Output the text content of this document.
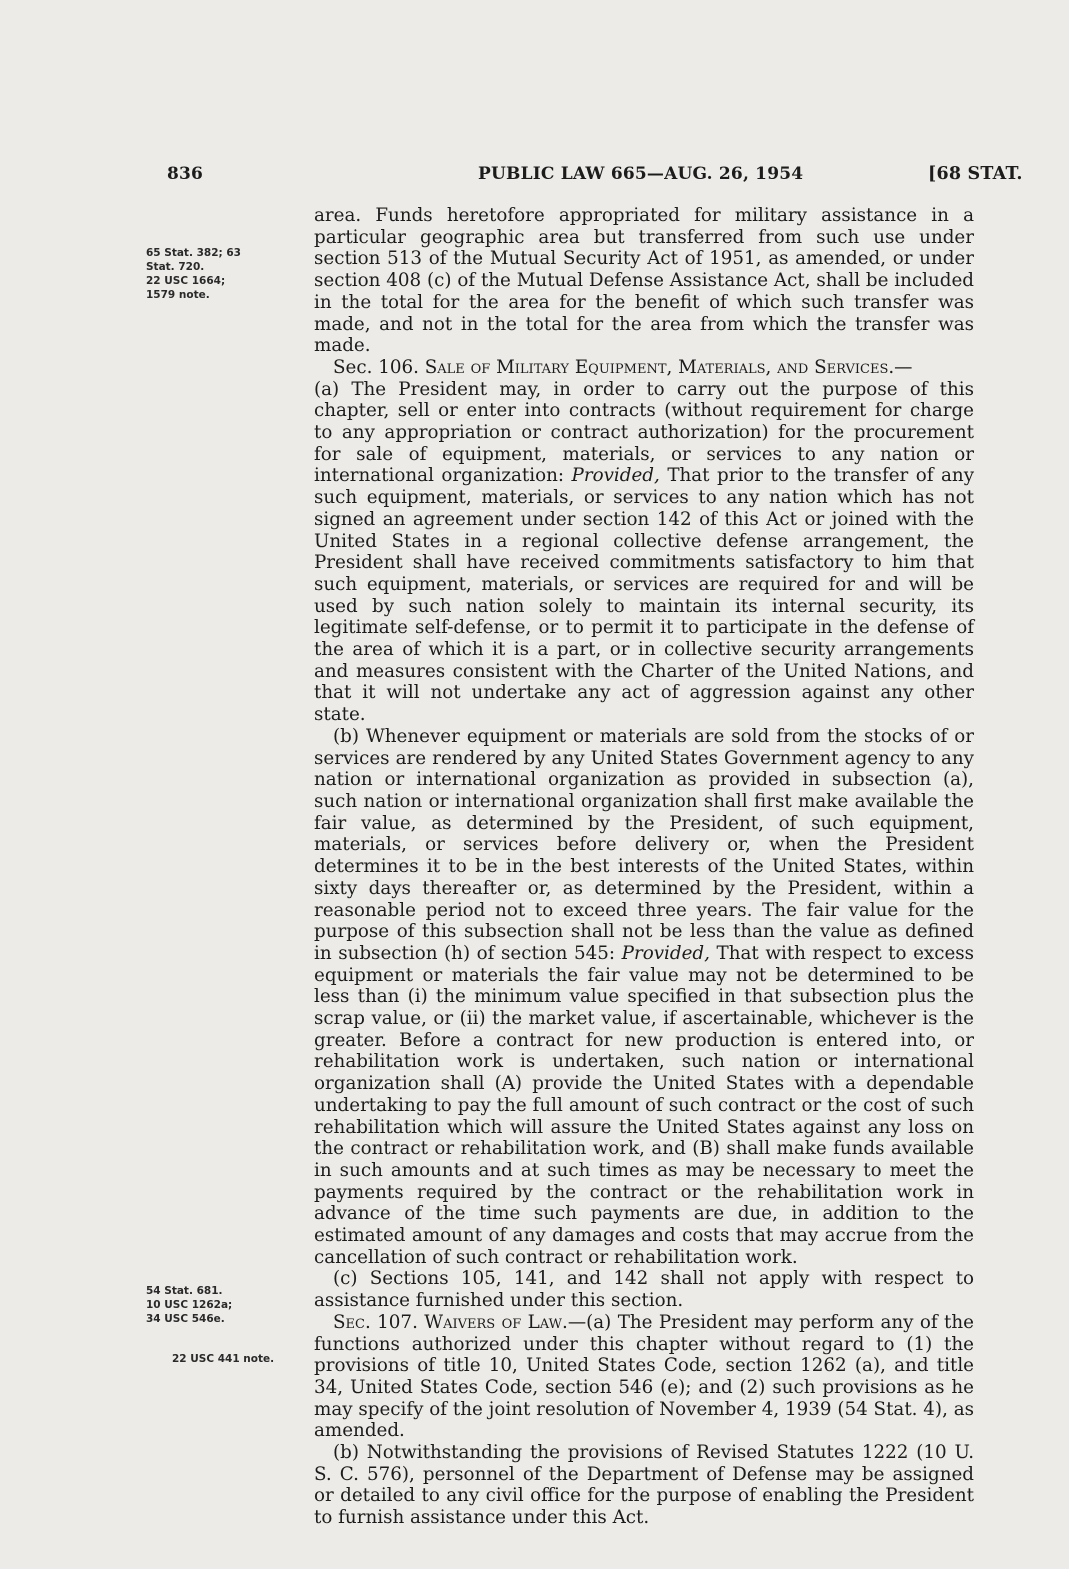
836	PUBLIC LAW 665—AUG. 26, 1954	[68 STAT.
65 Stat. 382; 63
Stat. 720.
22 USC 1664;
1579 note.
54 Stat. 681.
10 USC 1262a;
34 USC 546e.
22 USC 441 note.

area. Funds heretofore appropriated for military assistance in a particular geographic area but transferred from such use under section 513 of the Mutual Security Act of 1951, as amended, or under section 408 (c) of the Mutual Defense Assistance Act, shall be included in the total for the area for the benefit of which such transfer was made, and not in the total for the area from which the transfer was made.

Sec. 106. Sale of Military Equipment, Materials, and Services.—

(a) The President may, in order to carry out the purpose of this chapter, sell or enter into contracts (without requirement for charge to any appropriation or contract authorization) for the procurement for sale of equipment, materials, or services to any nation or international organization: Provided, That prior to the transfer of any such equipment, materials, or services to any nation which has not signed an agreement under section 142 of this Act or joined with the United States in a regional collective defense arrangement, the President shall have received commitments satisfactory to him that such equipment, materials, or services are required for and will be used by such nation solely to maintain its internal security, its legitimate self-defense, or to permit it to participate in the defense of the area of which it is a part, or in collective security arrangements and measures consistent with the Charter of the United Nations, and that it will not undertake any act of aggression against any other state.

(b) Whenever equipment or materials are sold from the stocks of or services are rendered by any United States Government agency to any nation or international organization as provided in subsection (a), such nation or international organization shall first make available the fair value, as determined by the President, of such equipment, materials, or services before delivery or, when the President determines it to be in the best interests of the United States, within sixty days thereafter or, as determined by the President, within a reasonable period not to exceed three years. The fair value for the purpose of this subsection shall not be less than the value as defined in subsection (h) of section 545: Provided, That with respect to excess equipment or materials the fair value may not be determined to be less than (i) the minimum value specified in that subsection plus the scrap value, or (ii) the market value, if ascertainable, whichever is the greater. Before a contract for new production is entered into, or rehabilitation work is undertaken, such nation or international organization shall (A) provide the United States with a dependable undertaking to pay the full amount of such contract or the cost of such rehabilitation which will assure the United States against any loss on the contract or rehabilitation work, and (B) shall make funds available in such amounts and at such times as may be necessary to meet the payments required by the contract or the rehabilitation work in advance of the time such payments are due, in addition to the estimated amount of any damages and costs that may accrue from the cancellation of such contract or rehabilitation work.

(c) Sections 105, 141, and 142 shall not apply with respect to assistance furnished under this section.

Sec. 107. Waivers of Law.—(a) The President may perform any of the functions authorized under this chapter without regard to (1) the provisions of title 10, United States Code, section 1262 (a), and title 34, United States Code, section 546 (e); and (2) such provisions as he may specify of the joint resolution of November 4, 1939 (54 Stat. 4), as amended.

(b) Notwithstanding the provisions of Revised Statutes 1222 (10 U. S. C. 576), personnel of the Department of Defense may be assigned or detailed to any civil office for the purpose of enabling the President to furnish assistance under this Act.
